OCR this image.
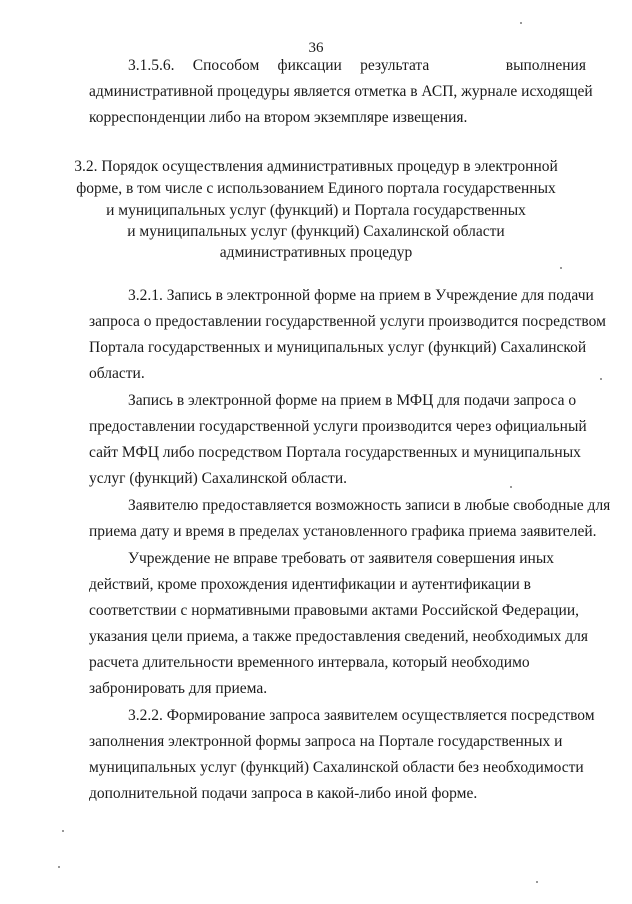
36
3.1.5.6. Способом фиксации результата	выполнения
административной процедуры является отметка в АСП, журнале исходящей
корреспонденции либо на втором экземпляре извещения.
3.2. Порядок осуществления административных процедур в электронной
форме, в том числе с использованием Единого портала государственных
и муниципальных услуг (функций) и Портала государственных
и муниципальных услуг (функций) Сахалинской области
административных процедур
3.2.1. Запись в электронной форме на прием в Учреждение для подачи
запроса о предоставлении государственной услуги производится посредством
Портала государственных и муниципальных услуг (функций) Сахалинской
области.
Запись в электронной форме на прием в МФЦ для подачи запроса о
предоставлении государственной услуги производится через официальный
сайт МФЦ либо посредством Портала государственных и муниципальных
услуг (функций) Сахалинской области.
Заявителю предоставляется возможность записи в любые свободные для
приема дату и время в пределах установленного графика приема заявителей.
Учреждение не вправе требовать от заявителя совершения иных
действий, кроме прохождения идентификации и аутентификации в
соответствии с нормативными правовыми актами Российской Федерации,
указания цели приема, а также предоставления сведений, необходимых для
расчета длительности временного интервала, который необходимо
забронировать для приема.
3.2.2. Формирование запроса заявителем осуществляется посредством
заполнения электронной формы запроса на Портале государственных и
муниципальных услуг (функций) Сахалинской области без необходимости
дополнительной подачи запроса в какой-либо иной форме.
